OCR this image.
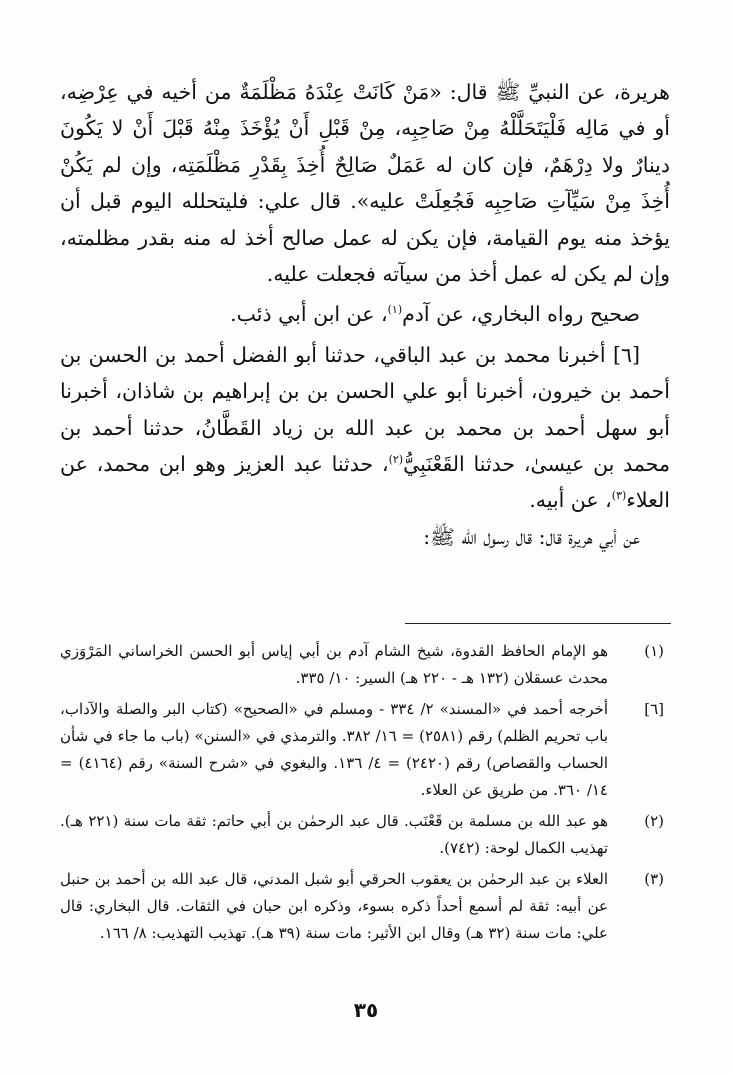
هريرة، عن النبيِّ ﷺ قال: «مَنْ كَانَتْ عِنْدَهُ مَظْلَمَةٌ من أخيه في عِرْضِه، أو في مَالِه فَلْيَتَحَلَّلْهُ مِنْ صَاحِبِه، مِنْ قَبْلِ أَنْ يُؤْخَذَ مِنْهُ قَبْلَ أَنْ لا يَكُونَ دينارٌ ولا دِرْهَمٌ، فإن كان له عَمَلٌ صَالِحٌ أُخِذَ بِقَدْرِ مَظْلَمَتِه، وإن لم يَكُنْ أُخِذَ مِنْ سَيِّآتِ صَاحِبِه فَجُعِلَتْ عليه». قال علي: فليتحلله اليوم قبل أن يؤخذ منه يوم القيامة، فإن يكن له عمل صالح أخذ له منه بقدر مظلمته، وإن لم يكن له عمل أخذ من سيآته فجعلت عليه.

صحيح رواه البخاري، عن آدم$^{(١)}$، عن ابن أبي ذئب.

[٦] أخبرنا محمد بن عبد الباقي، حدثنا أبو الفضل أحمد بن الحسن بن أحمد بن خيرون، أخبرنا أبو علي الحسن بن بن إبراهيم بن شاذان، أخبرنا أبو سهل أحمد بن محمد بن عبد الله بن زياد القَطَّانُ، حدثنا أحمد بن محمد بن عيسىٰ، حدثنا القَعْنَبِيُّ$^{(٢)}$، حدثنا عبد العزيز وهو ابن محمد، عن العلاء$^{(٣)}$، عن أبيه.

عن أبي هريرة قال: قال رسول الله ﷺ:

(١)
هو الإمام الحافظ القدوة، شيخ الشام آدم بن أبي إياس أبو الحسن الخراساني المَرْوَزي محدث عسقلان (١٣٢ هـ - ٢٢٠ هـ) السير: ١٠/ ٣٣٥.
[٦]
أخرجه أحمد في «المسند» ٢/ ٣٣٤ - ومسلم في «الصحيح» (كتاب البر والصلة والآداب، باب تحريم الظلم) رقم (٢٥٨١) = ١٦/ ٣٨٢. والترمذي في «السنن» (باب ما جاء في شأن الحساب والقصاص) رقم (٢٤٢٠) = ٤/ ١٣٦. والبغوي في «شرح السنة» رقم (٤١٦٤) = ١٤/ ٣٦٠. من طريق عن العلاء.
(٢)
هو عبد الله بن مسلمة بن قَعْنَب. قال عبد الرحمٰن بن أبي حاتم: ثقة مات سنة (٢٢١ هـ). تهذيب الكمال لوحة: (٧٤٢).
(٣)
العلاء بن عبد الرحمٰن بن يعقوب الحرقي أبو شبل المدني، قال عبد الله بن أحمد بن حنبل عن أبيه: ثقة لم أسمع أحداً ذكره بسوء، وذكره ابن حبان في الثقات. قال البخاري: قال علي: مات سنة (٣٢ هـ) وقال ابن الأثير: مات سنة (٣٩ هـ). تهذيب التهذيب: ٨/ ١٦٦.
٣٥
